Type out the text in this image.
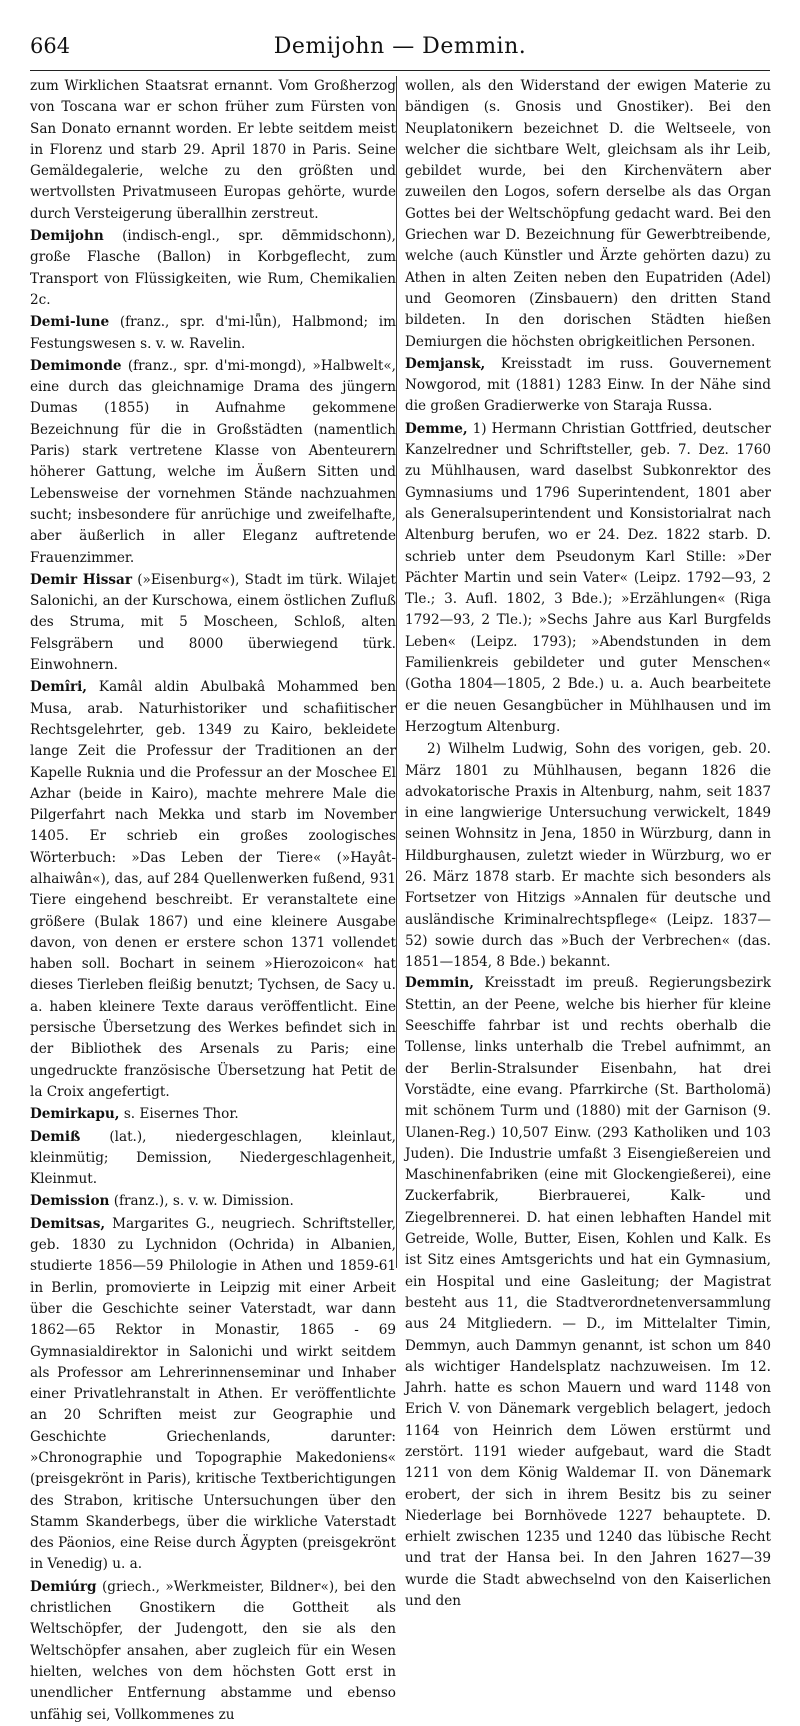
664	Demijohn — Demmin.

zum Wirklichen Staatsrat ernannt. Vom Großherzog von Toscana war er schon früher zum Fürsten von San Donato ernannt worden. Er lebte seitdem meist in Florenz und starb 29. April 1870 in Paris. Seine Gemäldegalerie, welche zu den größten und wertvollsten Privatmuseen Europas gehörte, wurde durch Versteigerung überallhin zerstreut.

Demijohn (indisch-engl., spr. dēmmidschonn), große Flasche (Ballon) in Korbgeflecht, zum Transport von Flüssigkeiten, wie Rum, Chemikalien 2c.

Demi-lune (franz., spr. d'mi-lǖn), Halbmond; im Festungswesen s. v. w. Ravelin.

Demimonde (franz., spr. d'mi-mongd), »Halbwelt«, eine durch das gleichnamige Drama des jüngern Dumas (1855) in Aufnahme gekommene Bezeichnung für die in Großstädten (namentlich Paris) stark vertretene Klasse von Abenteurern höherer Gattung, welche im Äußern Sitten und Lebensweise der vornehmen Stände nachzuahmen sucht; insbesondere für anrüchige und zweifelhafte, aber äußerlich in aller Eleganz auftretende Frauenzimmer.

Demir Hissar (»Eisenburg«), Stadt im türk. Wilajet Salonichi, an der Kurschowa, einem östlichen Zufluß des Struma, mit 5 Moscheen, Schloß, alten Felsgräbern und 8000 überwiegend türk. Einwohnern.

Demîri, Kamâl aldin Abulbakâ Mohammed ben Musa, arab. Naturhistoriker und schafiitischer Rechtsgelehrter, geb. 1349 zu Kairo, bekleidete lange Zeit die Professur der Traditionen an der Kapelle Ruknia und die Professur an der Moschee El Azhar (beide in Kairo), machte mehrere Male die Pilgerfahrt nach Mekka und starb im November 1405. Er schrieb ein großes zoologisches Wörterbuch: »Das Leben der Tiere« (»Hayât-alhaiwân«), das, auf 284 Quellenwerken fußend, 931 Tiere eingehend beschreibt. Er veranstaltete eine größere (Bulak 1867) und eine kleinere Ausgabe davon, von denen er erstere schon 1371 vollendet haben soll. Bochart in seinem »Hierozoicon« hat dieses Tierleben fleißig benutzt; Tychsen, de Sacy u. a. haben kleinere Texte daraus veröffentlicht. Eine persische Übersetzung des Werkes befindet sich in der Bibliothek des Arsenals zu Paris; eine ungedruckte französische Übersetzung hat Petit de la Croix angefertigt.

Demirkapu, s. Eisernes Thor.

Demiß (lat.), niedergeschlagen, kleinlaut, kleinmütig; Demission, Niedergeschlagenheit, Kleinmut.

Demission (franz.), s. v. w. Dimission.

Demitsas, Margarites G., neugriech. Schriftsteller, geb. 1830 zu Lychnidon (Ochrida) in Albanien, studierte 1856—59 Philologie in Athen und 1859-61 in Berlin, promovierte in Leipzig mit einer Arbeit über die Geschichte seiner Vaterstadt, war dann 1862—65 Rektor in Monastir, 1865 - 69 Gymnasialdirektor in Salonichi und wirkt seitdem als Professor am Lehrerinnenseminar und Inhaber einer Privatlehranstalt in Athen. Er veröffentlichte an 20 Schriften meist zur Geographie und Geschichte Griechenlands, darunter: »Chronographie und Topographie Makedoniens« (preisgekrönt in Paris), kritische Textberichtigungen des Strabon, kritische Untersuchungen über den Stamm Skanderbegs, über die wirkliche Vaterstadt des Päonios, eine Reise durch Ägypten (preisgekrönt in Venedig) u. a.

Demiúrg (griech., »Werkmeister, Bildner«), bei den christlichen Gnostikern die Gottheit als Weltschöpfer, der Judengott, den sie als den Weltschöpfer ansahen, aber zugleich für ein Wesen hielten, welches von dem höchsten Gott erst in unendlicher Entfernung abstamme und ebenso unfähig sei, Vollkommenes zu

wollen, als den Widerstand der ewigen Materie zu bändigen (s. Gnosis und Gnostiker). Bei den Neuplatonikern bezeichnet D. die Weltseele, von welcher die sichtbare Welt, gleichsam als ihr Leib, gebildet wurde, bei den Kirchenvätern aber zuweilen den Logos, sofern derselbe als das Organ Gottes bei der Weltschöpfung gedacht ward. Bei den Griechen war D. Bezeichnung für Gewerbtreibende, welche (auch Künstler und Ärzte gehörten dazu) zu Athen in alten Zeiten neben den Eupatriden (Adel) und Geomoren (Zinsbauern) den dritten Stand bildeten. In den dorischen Städten hießen Demiurgen die höchsten obrigkeitlichen Personen.

Demjansk, Kreisstadt im russ. Gouvernement Nowgorod, mit (1881) 1283 Einw. In der Nähe sind die großen Gradierwerke von Staraja Russa.

Demme, 1) Hermann Christian Gottfried, deutscher Kanzelredner und Schriftsteller, geb. 7. Dez. 1760 zu Mühlhausen, ward daselbst Subkonrektor des Gymnasiums und 1796 Superintendent, 1801 aber als Generalsuperintendent und Konsistorialrat nach Altenburg berufen, wo er 24. Dez. 1822 starb. D. schrieb unter dem Pseudonym Karl Stille: »Der Pächter Martin und sein Vater« (Leipz. 1792—93, 2 Tle.; 3. Aufl. 1802, 3 Bde.); »Erzählungen« (Riga 1792—93, 2 Tle.); »Sechs Jahre aus Karl Burgfelds Leben« (Leipz. 1793); »Abendstunden in dem Familienkreis gebildeter und guter Menschen« (Gotha 1804—1805, 2 Bde.) u. a. Auch bearbeitete er die neuen Gesangbücher in Mühlhausen und im Herzogtum Altenburg.

2) Wilhelm Ludwig, Sohn des vorigen, geb. 20. März 1801 zu Mühlhausen, begann 1826 die advokatorische Praxis in Altenburg, nahm, seit 1837 in eine langwierige Untersuchung verwickelt, 1849 seinen Wohnsitz in Jena, 1850 in Würzburg, dann in Hildburghausen, zuletzt wieder in Würzburg, wo er 26. März 1878 starb. Er machte sich besonders als Fortsetzer von Hitzigs »Annalen für deutsche und ausländische Kriminalrechtspflege« (Leipz. 1837—52) sowie durch das »Buch der Verbrechen« (das. 1851—1854, 8 Bde.) bekannt.

Demmin, Kreisstadt im preuß. Regierungsbezirk Stettin, an der Peene, welche bis hierher für kleine Seeschiffe fahrbar ist und rechts oberhalb die Tollense, links unterhalb die Trebel aufnimmt, an der Berlin-Stralsunder Eisenbahn, hat drei Vorstädte, eine evang. Pfarrkirche (St. Bartholomä) mit schönem Turm und (1880) mit der Garnison (9. Ulanen-Reg.) 10,507 Einw. (293 Katholiken und 103 Juden). Die Industrie umfaßt 3 Eisengießereien und Maschinenfabriken (eine mit Glockengießerei), eine Zuckerfabrik, Bierbrauerei, Kalk- und Ziegelbrennerei. D. hat einen lebhaften Handel mit Getreide, Wolle, Butter, Eisen, Kohlen und Kalk. Es ist Sitz eines Amtsgerichts und hat ein Gymnasium, ein Hospital und eine Gasleitung; der Magistrat besteht aus 11, die Stadtverordnetenversammlung aus 24 Mitgliedern. — D., im Mittelalter Timin, Demmyn, auch Dammyn genannt, ist schon um 840 als wichtiger Handelsplatz nachzuweisen. Im 12. Jahrh. hatte es schon Mauern und ward 1148 von Erich V. von Dänemark vergeblich belagert, jedoch 1164 von Heinrich dem Löwen erstürmt und zerstört. 1191 wieder aufgebaut, ward die Stadt 1211 von dem König Waldemar II. von Dänemark erobert, der sich in ihrem Besitz bis zu seiner Niederlage bei Bornhövede 1227 behauptete. D. erhielt zwischen 1235 und 1240 das lübische Recht und trat der Hansa bei. In den Jahren 1627—39 wurde die Stadt abwechselnd von den Kaiserlichen und den
